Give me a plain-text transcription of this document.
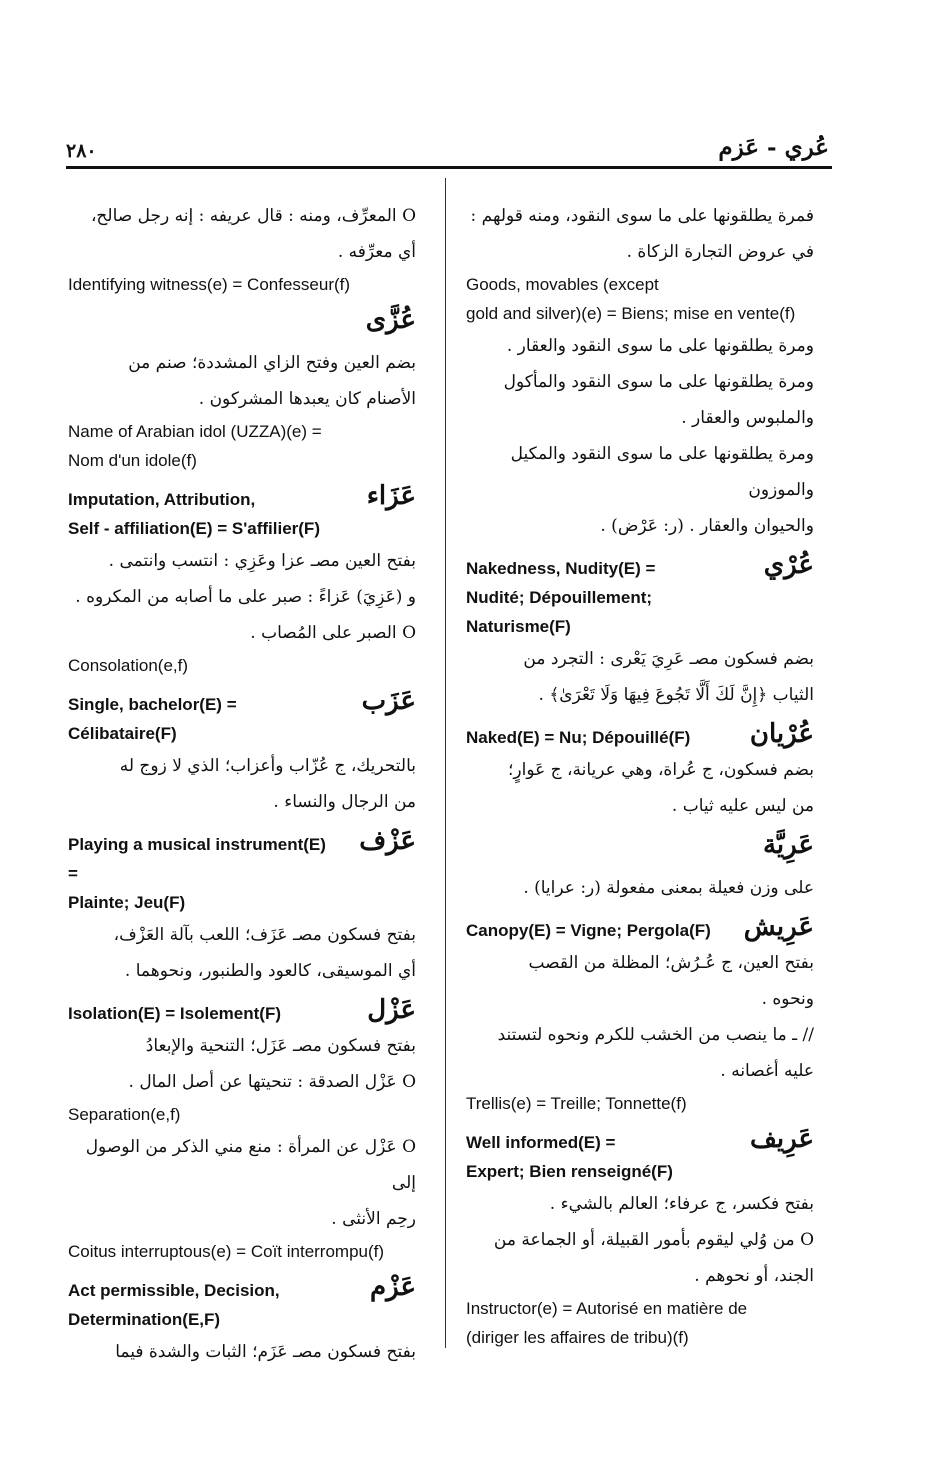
٢٨٠	عُري - عَزم

فمرة يطلقونها على ما سوى النقود، ومنه قولهم :

في عروض التجارة الزكاة .

Goods, movables (except

gold and silver)(e) = Biens; mise en vente(f)

ومرة يطلقونها على ما سوى النقود والعقار .

ومرة يطلقونها على ما سوى النقود والمأكول

والملبوس والعقار .

ومرة يطلقونها على ما سوى النقود والمكيل والموزون

والحيوان والعقار . (ر: عَرْض) .

عُرْي
Nakedness, Nudity(E) =
Nudité; Dépouillement; Naturisme(F)

بضم فسكون مصـ عَرِيَ يَعْرى : التجرد من

الثياب ﴿إِنَّ لَكَ أَلَّا تَجُوعَ فِيهَا وَلَا تَعْرَىٰ﴾ .

عُرْيان
Naked(E) = Nu; Dépouillé(F)

بضم فسكون، ج عُراة، وهي عريانة، ج عَوارٍ؛

من ليس عليه ثياب .

عَرِيَّة

على وزن فعيلة بمعنى مفعولة (ر: عرايا) .

عَرِيش
Canopy(E) = Vigne; Pergola(F)

بفتح العين، ج عُـرُش؛ المظلة من القصب

ونحوه .

// ـ ما ينصب من الخشب للكرم ونحوه لتستند

عليه أغصانه .

Trellis(e) = Treille; Tonnette(f)

عَرِيف
Well informed(E) =
Expert; Bien renseigné(F)

بفتح فكسر، ج عرفاء؛ العالم بالشيء .

O من وُلي ليقوم بأمور القبيلة، أو الجماعة من

الجند، أو نحوهم .

Instructor(e) = Autorisé en matière de

(diriger les affaires de tribu)(f)

O المعرِّف، ومنه : قال عريفه : إنه رجل صالح،

أي معرِّفه .

Identifying witness(e) = Confesseur(f)

عُزَّى

بضم العين وفتح الزاي المشددة؛ صنم من

الأصنام كان يعبدها المشركون .

Name of Arabian idol (UZZA)(e) =

Nom d'un idole(f)

عَزَاء
Imputation, Attribution,
Self - affiliation(E) = S'affilier(F)

بفتح العين مصـ عزا وعَزِي : انتسب وانتمى .

و (عَزِيَ) عَزاءً : صبر على ما أصابه من المكروه .

O الصبر على المُصاب .

Consolation(e,f)

عَزَب
Single, bachelor(E) =
Célibataire(F)

بالتحريك، ج عُزّاب وأعزاب؛ الذي لا زوج له

من الرجال والنساء .

عَزْف
Playing a musical instrument(E) =
Plainte; Jeu(F)

بفتح فسكون مصـ عَزَف؛ اللعب بآلة العَزْف،

أي الموسيقى، كالعود والطنبور، ونحوهما .

عَزْل
Isolation(E) = Isolement(F)

بفتح فسكون مصـ عَزَل؛ التنحية والإبعادُ

O عَزْل الصدقة : تنحيتها عن أصل المال .

Separation(e,f)

O عَزْل عن المرأة : منع مني الذكر من الوصول إلى

رحِم الأنثى .

Coitus interruptous(e) = Coït interrompu(f)

عَزْم
Act permissible, Decision,
Determination(E,F)

بفتح فسكون مصـ عَزَم؛ الثبات والشدة فيما
